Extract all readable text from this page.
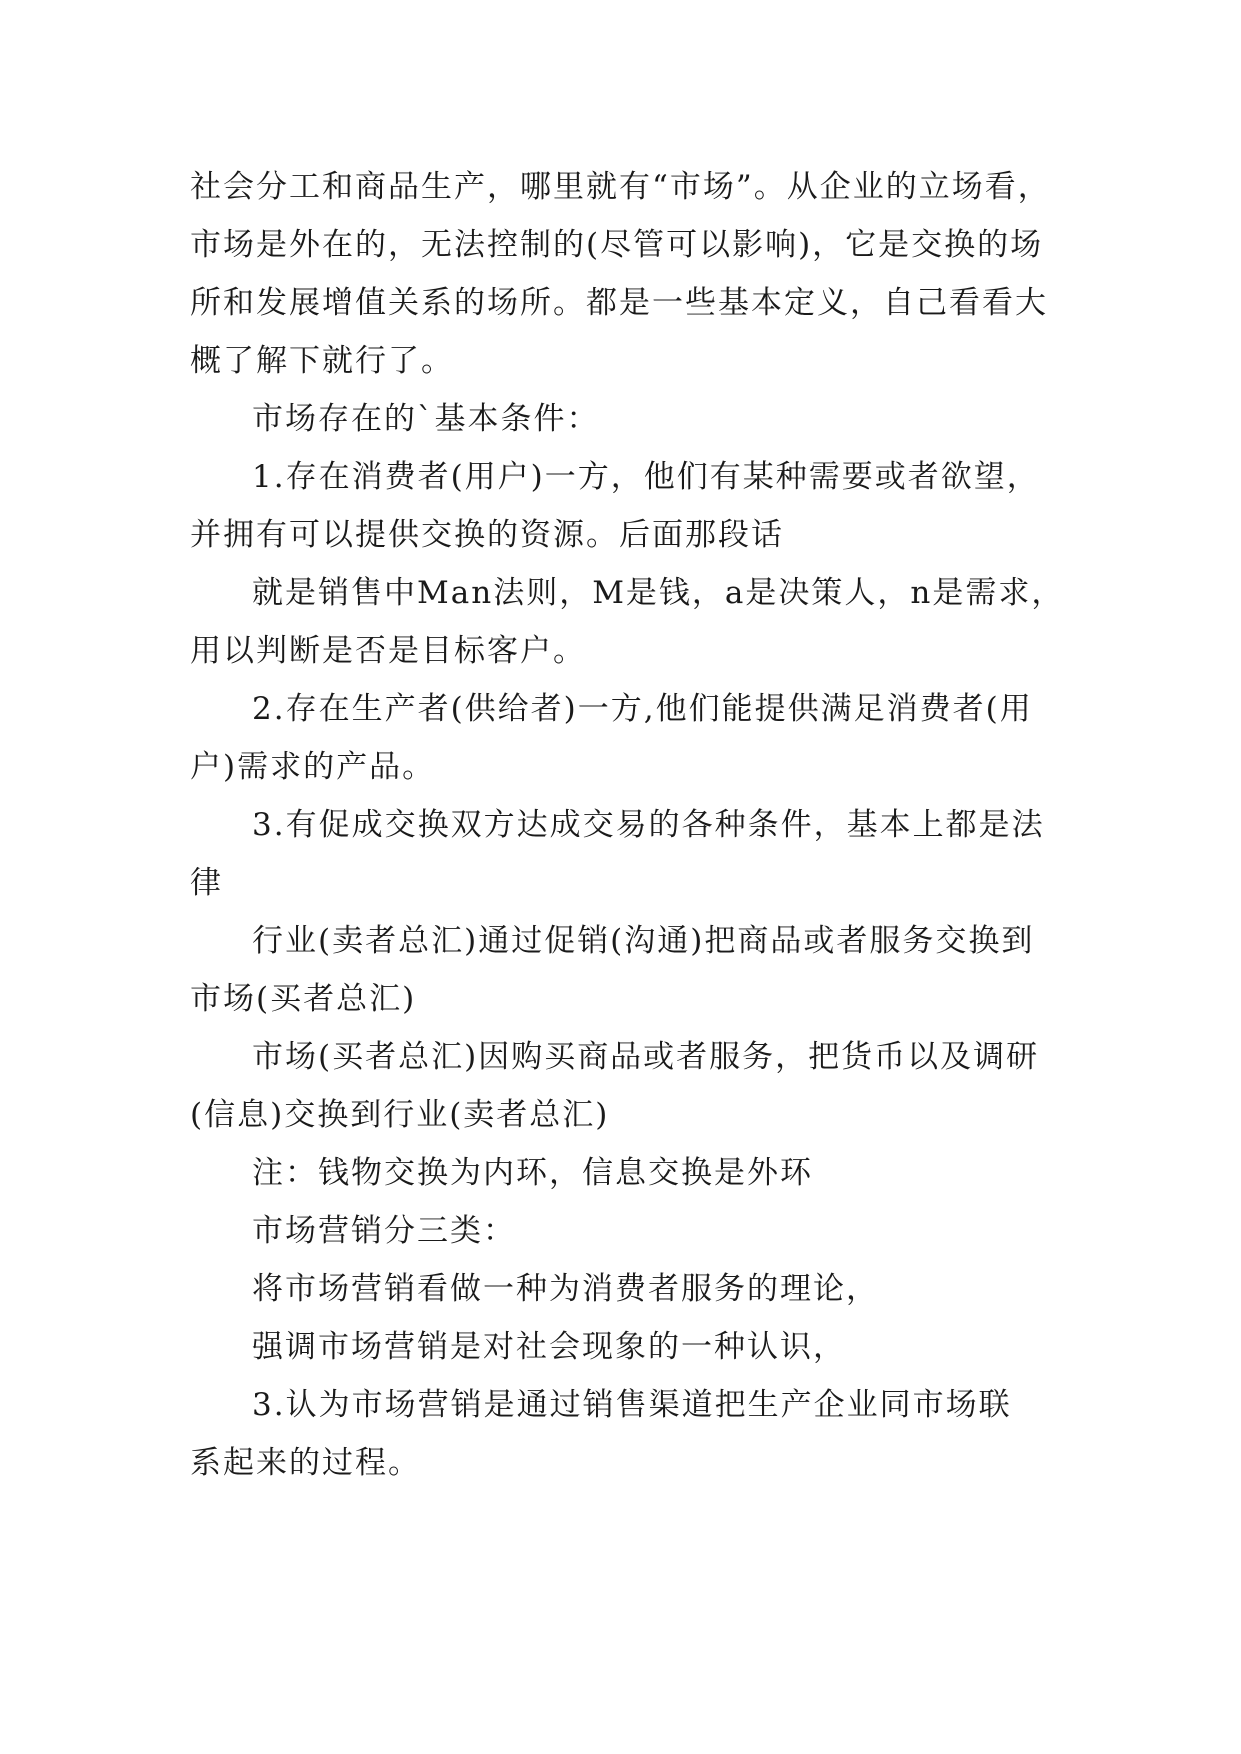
社会分工和商品生产，哪里就有“市场”。从企业的立场看，
市场是外在的，无法控制的(尽管可以影响)，它是交换的场
所和发展增值关系的场所。都是一些基本定义，自己看看大
概了解下就行了。
市场存在的`基本条件：
1.存在消费者(用户)一方，他们有某种需要或者欲望，
并拥有可以提供交换的资源。后面那段话
就是销售中Man法则，M是钱，a是决策人，n是需求，
用以判断是否是目标客户。
2.存在生产者(供给者)一方,他们能提供满足消费者(用
户)需求的产品。
3.有促成交换双方达成交易的各种条件，基本上都是法
律
行业(卖者总汇)通过促销(沟通)把商品或者服务交换到
市场(买者总汇)
市场(买者总汇)因购买商品或者服务，把货币以及调研
(信息)交换到行业(卖者总汇)
注：钱物交换为内环，信息交换是外环
市场营销分三类：
将市场营销看做一种为消费者服务的理论，
强调市场营销是对社会现象的一种认识，
3.认为市场营销是通过销售渠道把生产企业同市场联
系起来的过程。
